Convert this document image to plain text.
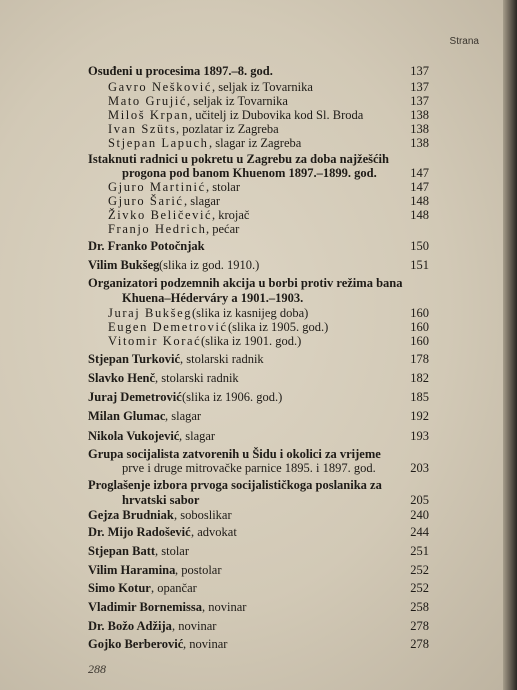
Strana
Osuđeni u procesima 1897.–8. god.	137
Gavro Nešković , seljak iz Tovarnika	137
Mato Grujić , seljak iz Tovarnika	137
Miloš Krpan , učitelj iz Dubovika kod Sl. Broda	138
Ivan Szüts , pozlatar iz Zagreba	138
Stjepan Lapuch , slagar iz Zagreba	138
Istaknuti radnici u pokretu u Zagrebu za doba najžešćih
progona pod banom Khuenom 1897.–1899. god.	147
Gjuro Martinić , stolar	147
Gjuro Šarić , slagar	148
Živko Beličević , krojač	148
Franjo Hedrich , pećar
Dr. Franko Potočnjak	150
Vilim Bukšeg (slika iz god. 1910.)	151
Organizatori podzemnih akcija u borbi protiv režima bana
Khuena–Héderváry a 1901.–1903.
Juraj Bukšeg (slika iz kasnijeg doba)	160
Eugen Demetrović (slika iz 1905. god.)	160
Vitomir Korać (slika iz 1901. god.)	160
Stjepan Turković , stolarski radnik	178
Slavko Henč , stolarski radnik	182
Juraj Demetrović (slika iz 1906. god.)	185
Milan Glumac , slagar	192
Nikola Vukojević , slagar	193
Grupa socijalista zatvorenih u Šidu i okolici za vrijeme
prve i druge mitrovačke parnice 1895. i 1897. god.	203
Proglašenje izbora prvoga socijalističkoga poslanika za
hrvatski sabor	205
Gejza Brudniak , soboslikar	240
Dr. Mijo Radošević , advokat	244
Stjepan Batt , stolar	251
Vilim Haramina , postolar	252
Simo Kotur , opančar	252
Vladimir Bornemissa , novinar	258
Dr. Božo Adžija , novinar	278
Gojko Berberović , novinar	278
288
